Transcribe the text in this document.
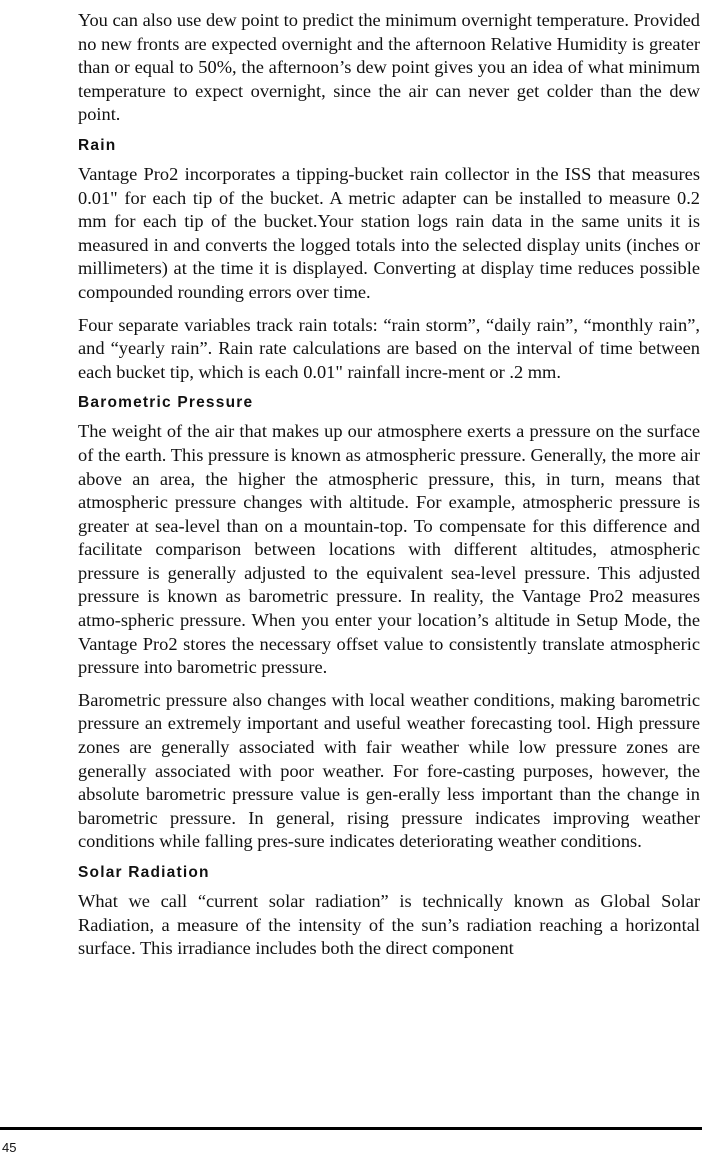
You can also use dew point to predict the minimum overnight temperature. Provided no new fronts are expected overnight and the afternoon Relative Humidity is greater than or equal to 50%, the afternoon’s dew point gives you an idea of what minimum temperature to expect overnight, since the air can never get colder than the dew point.

Rain

Vantage Pro2 incorporates a tipping-bucket rain collector in the ISS that measures 0.01" for each tip of the bucket. A metric adapter can be installed to measure 0.2 mm for each tip of the bucket.Your station logs rain data in the same units it is measured in and converts the logged totals into the selected display units (inches or millimeters) at the time it is displayed. Converting at display time reduces possible compounded rounding errors over time.

Four separate variables track rain totals: “rain storm”, “daily rain”, “monthly rain”, and “yearly rain”. Rain rate calculations are based on the interval of time between each bucket tip, which is each 0.01" rainfall incre-ment or .2 mm.

Barometric Pressure

The weight of the air that makes up our atmosphere exerts a pressure on the surface of the earth. This pressure is known as atmospheric pressure. Generally, the more air above an area, the higher the atmospheric pressure, this, in turn, means that atmospheric pressure changes with altitude. For example, atmospheric pressure is greater at sea-level than on a mountain-top. To compensate for this difference and facilitate comparison between locations with different altitudes, atmospheric pressure is generally adjusted to the equivalent sea-level pressure. This adjusted pressure is known as barometric pressure. In reality, the Vantage Pro2 measures atmo-spheric pressure. When you enter your location’s altitude in Setup Mode, the Vantage Pro2 stores the necessary offset value to consistently translate atmospheric pressure into barometric pressure.

Barometric pressure also changes with local weather conditions, making barometric pressure an extremely important and useful weather forecasting tool. High pressure zones are generally associated with fair weather while low pressure zones are generally associated with poor weather. For fore-casting purposes, however, the absolute barometric pressure value is gen-erally less important than the change in barometric pressure. In general, rising pressure indicates improving weather conditions while falling pres-sure indicates deteriorating weather conditions.

Solar Radiation

What we call “current solar radiation” is technically known as Global Solar Radiation, a measure of the intensity of the sun’s radiation reaching a horizontal surface. This irradiance includes both the direct component

45
